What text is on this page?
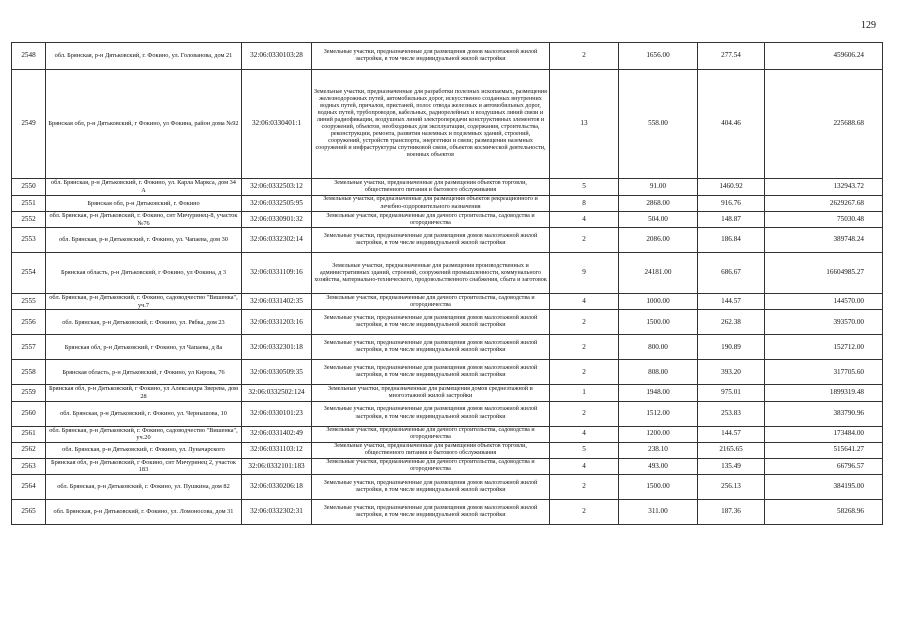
129
2548	обл. Брянская, р-н Дятьковский, г. Фокино, ул. Голованова, дом 21	32:06:0330103:28	Земельные участки, предназначенные для размещения домов малоэтажной жилой застройки, в том числе индивидуальной жилой застройки	2	1656.00	277.54	459606.24
2549	Брянская обл, р-н Дятьковский, г Фокино, ул Фокина, район дома №92	32:06:0330401:1	Земельные участки, предназначенные для разработки полезных ископаемых, размещения железнодорожных путей, автомобильных дорог, искусственно созданных внутренних водных путей, причалов, пристаней, полос отвода железных и автомобильных дорог, водных путей, трубопроводов, кабельных, радиорелейных и воздушных линий связи и линий радиофикации, воздушных линий электропередачи конструктивных элементов и сооружений, объектов, необходимых для эксплуатации, содержания, строительства, реконструкции, ремонта, развития наземных и подземных зданий, строений, сооружений, устройств транспорта, энергетики и связи; размещения наземных сооружений и инфраструктуры спутниковой связи, объектов космической деятельности, военных объектов	13	558.00	404.46	225688.68
2550	обл. Брянская, р-н Дятьковский, г. Фокино, ул. Карла Маркса, дом 34 А	32:06:0332503:12	Земельные участки, предназначенные для размещения объектов торговли, общественного питания и бытового обслуживания	5	91.00	1460.92	132943.72
2551	Брянская обл, р-н Дятьковский, г. Фокино	32:06:0332505:95	Земельные участки, предназначенные для размещения объектов рекреационного и лечебно-оздоровительного назначения	8	2868.00	916.76	2629267.68
2552	обл. Брянская, р-н Дятьковский, г. Фокино, снт Мичуринец-8, участок №76	32:06:0330901:32	Земельные участки, предназначенные для дачного строительства, садоводства и огородничества	4	504.00	148.87	75030.48
2553	обл. Брянская, р-н Дятьковский, г. Фокино, ул. Чапаева, дом 30	32:06:0332302:14	Земельные участки, предназначенные для размещения домов малоэтажной жилой застройки, в том числе индивидуальной жилой застройки	2	2086.00	186.84	389748.24
2554	Брянская область, р-н Дятьковский, г Фокино, ул Фокина, д 3	32:06:0331109:16	Земельные участки, предназначенные для размещения производственных и административных зданий, строений, сооружений промышленности, коммунального хозяйства, материально-технического, продовольственного снабжения, сбыта и заготовок	9	24181.00	686.67	16604985.27
2555	обл. Брянская, р-н Дятьковский, г. Фокино, садоводчество "Вишенка", уч.7	32:06:0331402:35	Земельные участки, предназначенные для дачного строительства, садоводства и огородничества	4	1000.00	144.57	144570.00
2556	обл. Брянская, р-н Дятьковский, г. Фокино, ул. Рябка, дом 23	32:06:0331203:16	Земельные участки, предназначенные для размещения домов малоэтажной жилой застройки, в том числе индивидуальной жилой застройки	2	1500.00	262.38	393570.00
2557	Брянская обл, р-н Дятьковский, г Фокино, ул Чапаева, д 8а	32:06:0332301:18	Земельные участки, предназначенные для размещения домов малоэтажной жилой застройки, в том числе индивидуальной жилой застройки	2	800.00	190.89	152712.00
2558	Брянская область, р-н Дятьковский, г Фокино, ул Кирова, 76	32:06:0330509:35	Земельные участки, предназначенные для размещения домов малоэтажной жилой застройки, в том числе индивидуальной жилой застройки	2	808.00	393.20	317705.60
2559	Брянская обл, р-н Дятьковский, г Фокино, ул Александра Зверева, дом 28	32:06:0332502:124	Земельные участки, предназначенные для размещения домов среднеэтажной и многоэтажной жилой застройки	1	1948.00	975.01	1899319.48
2560	обл. Брянская, р-н Дятьковский, г. Фокино, ул. Чернышова, 10	32:06:0330101:23	Земельные участки, предназначенные для размещения домов малоэтажной жилой застройки, в том числе индивидуальной жилой застройки	2	1512.00	253.83	383790.96
2561	обл. Брянская, р-н Дятьковский, г. Фокино, садоводчество "Вишенка", уч.20	32:06:0331402:49	Земельные участки, предназначенные для дачного строительства, садоводства и огородничества	4	1200.00	144.57	173484.00
2562	обл. Брянская, р-н Дятьковский, г. Фокино, ул. Луначарского	32:06:0331103:12	Земельные участки, предназначенные для размещения объектов торговли, общественного питания и бытового обслуживания	5	238.10	2165.65	515641.27
2563	Брянская обл, р-н Дятьковский, г Фокино, снт Мичуринец 2, участок 183	32:06:0332101:183	Земельные участки, предназначенные для дачного строительства, садоводства и огородничества	4	493.00	135.49	66796.57
2564	обл. Брянская, р-н Дятьковский, г. Фокино, ул. Пушкина, дом 82	32:06:0330206:18	Земельные участки, предназначенные для размещения домов малоэтажной жилой застройки, в том числе индивидуальной жилой застройки	2	1500.00	256.13	384195.00
2565	обл. Брянская, р-н Дятьковский, г. Фокино, ул. Ломоносова, дом 31	32:06:0332302:31	Земельные участки, предназначенные для размещения домов малоэтажной жилой застройки, в том числе индивидуальной жилой застройки	2	311.00	187.36	58268.96
